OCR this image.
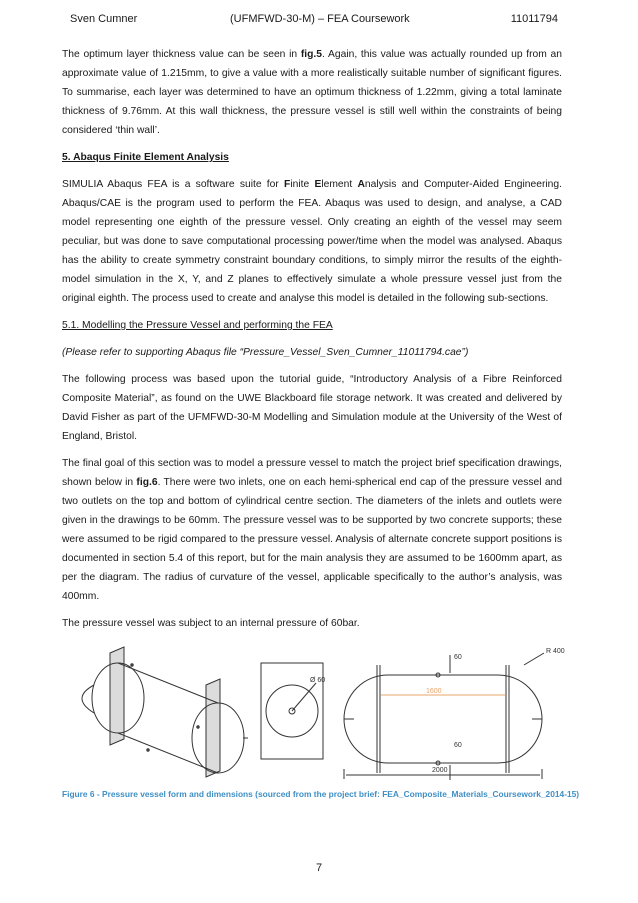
Sven Cumner	(UFMFWD-30-M) – FEA Coursework	11011794

The optimum layer thickness value can be seen in fig.5. Again, this value was actually rounded up from an approximate value of 1.215mm, to give a value with a more realistically suitable number of significant figures. To summarise, each layer was determined to have an optimum thickness of 1.22mm, giving a total laminate thickness of 9.76mm. At this wall thickness, the pressure vessel is still well within the constraints of being considered ‘thin wall’.

5. Abaqus Finite Element Analysis

SIMULIA Abaqus FEA is a software suite for Finite Element Analysis and Computer-Aided Engineering. Abaqus/CAE is the program used to perform the FEA. Abaqus was used to design, and analyse, a CAD model representing one eighth of the pressure vessel. Only creating an eighth of the vessel may seem peculiar, but was done to save computational processing power/time when the model was analysed. Abaqus has the ability to create symmetry constraint boundary conditions, to simply mirror the results of the eighth-model simulation in the X, Y, and Z planes to effectively simulate a whole pressure vessel just from the original eighth. The process used to create and analyse this model is detailed in the following sub-sections.

5.1. Modelling the Pressure Vessel and performing the FEA

(Please refer to supporting Abaqus file “Pressure_Vessel_Sven_Cumner_11011794.cae”)

The following process was based upon the tutorial guide, “Introductory Analysis of a Fibre Reinforced Composite Material”, as found on the UWE Blackboard file storage network. It was created and delivered by David Fisher as part of the UFMFWD-30-M Modelling and Simulation module at the University of the West of England, Bristol.

The final goal of this section was to model a pressure vessel to match the project brief specification drawings, shown below in fig.6. There were two inlets, one on each hemi-spherical end cap of the pressure vessel and two outlets on the top and bottom of cylindrical centre section. The diameters of the inlets and outlets were given in the drawings to be 60mm. The pressure vessel was to be supported by two concrete supports; these were assumed to be rigid compared to the pressure vessel. Analysis of alternate concrete support positions is documented in section 5.4 of this report, but for the main analysis they are assumed to be 1600mm apart, as per the diagram. The radius of curvature of the vessel, applicable specifically to the author’s analysis, was 400mm.

The pressure vessel was subject to an internal pressure of 60bar.

Ø 60
1600
60
60
R 400
2000
Figure 6 - Pressure vessel form and dimensions (sourced from the project brief: FEA_Composite_Materials_Coursework_2014-15)
7
